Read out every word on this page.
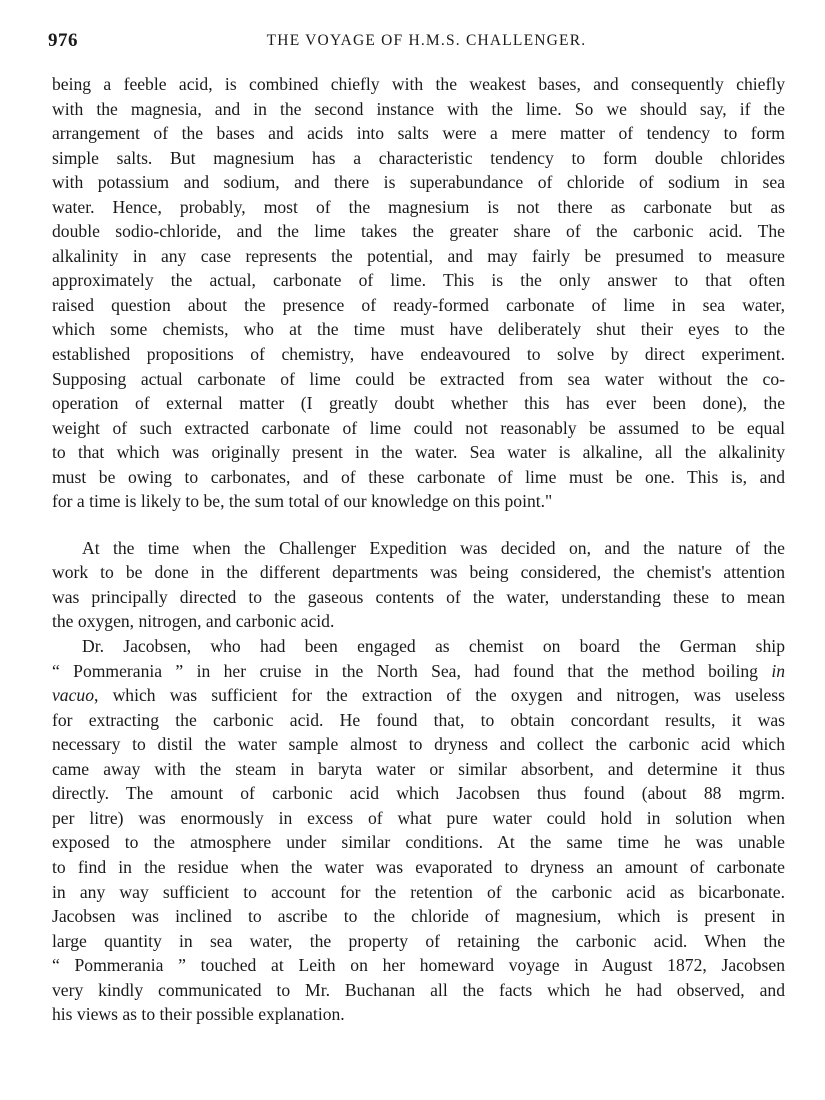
976	THE VOYAGE OF H.M.S. CHALLENGER.
being a feeble acid, is combined chiefly with the weakest bases, and consequently chiefly
with the magnesia, and in the second instance with the lime. So we should say, if the
arrangement of the bases and acids into salts were a mere matter of tendency to form
simple salts. But magnesium has a characteristic tendency to form double chlorides
with potassium and sodium, and there is superabundance of chloride of sodium in sea
water. Hence, probably, most of the magnesium is not there as carbonate but as
double sodio-chloride, and the lime takes the greater share of the carbonic acid. The
alkalinity in any case represents the potential, and may fairly be presumed to measure
approximately the actual, carbonate of lime. This is the only answer to that often
raised question about the presence of ready-formed carbonate of lime in sea water,
which some chemists, who at the time must have deliberately shut their eyes to the
established propositions of chemistry, have endeavoured to solve by direct experiment.
Supposing actual carbonate of lime could be extracted from sea water without the co-
operation of external matter (I greatly doubt whether this has ever been done), the
weight of such extracted carbonate of lime could not reasonably be assumed to be equal
to that which was originally present in the water. Sea water is alkaline, all the alkalinity
must be owing to carbonates, and of these carbonate of lime must be one. This is, and
for a time is likely to be, the sum total of our knowledge on this point."
At the time when the Challenger Expedition was decided on, and the nature of the
work to be done in the different departments was being considered, the chemist's attention
was principally directed to the gaseous contents of the water, understanding these to mean
the oxygen, nitrogen, and carbonic acid.
Dr. Jacobsen, who had been engaged as chemist on board the German ship
“ Pommerania ” in her cruise in the North Sea, had found that the method boiling in
vacuo, which was sufficient for the extraction of the oxygen and nitrogen, was useless
for extracting the carbonic acid. He found that, to obtain concordant results, it was
necessary to distil the water sample almost to dryness and collect the carbonic acid which
came away with the steam in baryta water or similar absorbent, and determine it thus
directly. The amount of carbonic acid which Jacobsen thus found (about 88 mgrm.
per litre) was enormously in excess of what pure water could hold in solution when
exposed to the atmosphere under similar conditions. At the same time he was unable
to find in the residue when the water was evaporated to dryness an amount of carbonate
in any way sufficient to account for the retention of the carbonic acid as bicarbonate.
Jacobsen was inclined to ascribe to the chloride of magnesium, which is present in
large quantity in sea water, the property of retaining the carbonic acid. When the
“ Pommerania ” touched at Leith on her homeward voyage in August 1872, Jacobsen
very kindly communicated to Mr. Buchanan all the facts which he had observed, and
his views as to their possible explanation.
